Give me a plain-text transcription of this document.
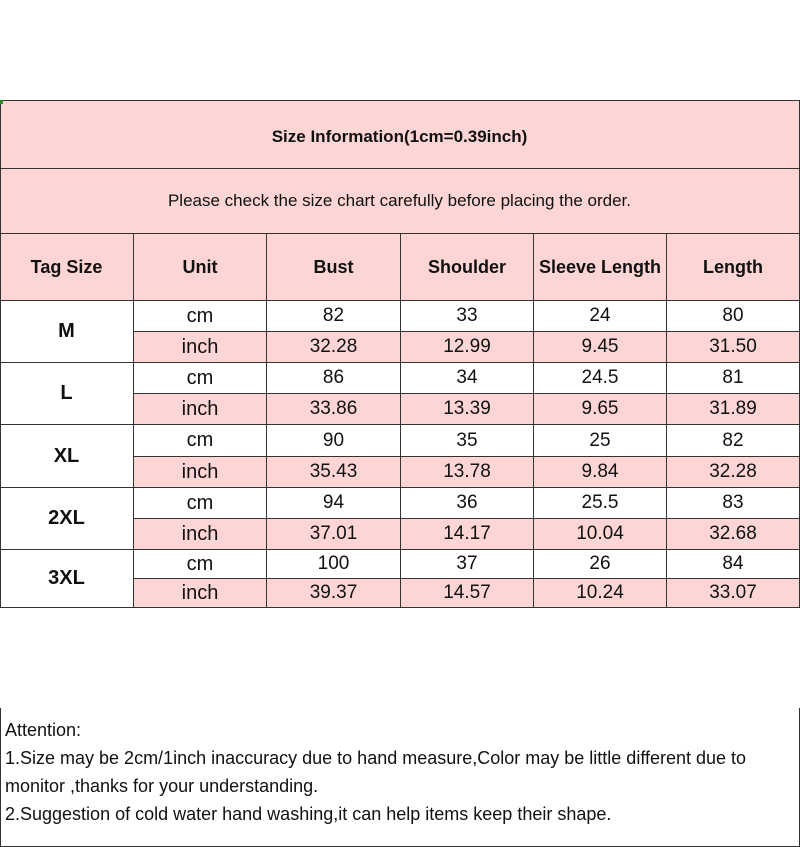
Size Information(1cm=0.39inch)
Please check the size chart carefully before placing the order.
Tag Size	Unit	Bust	Shoulder	Sleeve Length	Length
M
cm	82	33	24	80
inch	32.28	12.99	9.45	31.50
L
cm	86	34	24.5	81
inch	33.86	13.39	9.65	31.89
XL
cm	90	35	25	82
inch	35.43	13.78	9.84	32.28
2XL
cm	94	36	25.5	83
inch	37.01	14.17	10.04	32.68
3XL
cm	100	37	26	84
inch	39.37	14.57	10.24	33.07
Attention:
1.Size may be 2cm/1inch inaccuracy due to hand measure,Color may be little different due to
monitor ,thanks for your understanding.
2.Suggestion of cold water hand washing,it can help items keep their shape.
